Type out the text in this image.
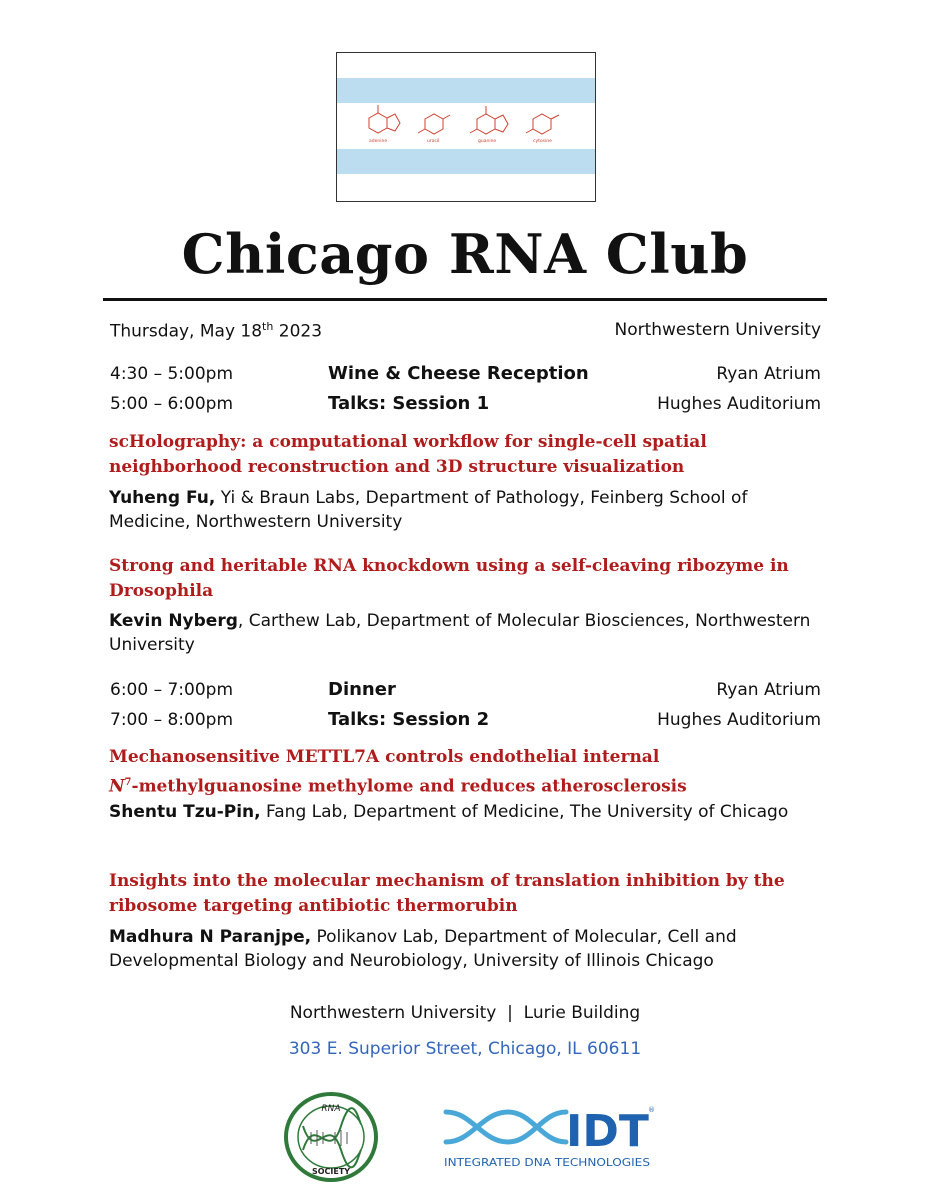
adenine	uracil	guanine	cytosine
Chicago RNA Club
Thursday, May 18th 2023	Northwestern University
4:30 – 5:00pm	Wine & Cheese Reception	Ryan Atrium
5:00 – 6:00pm	Talks: Session 1	Hughes Auditorium
scHolography: a computational workflow for single-cell spatial neighborhood reconstruction and 3D structure visualization
Yuheng Fu, Yi & Braun Labs, Department of Pathology, Feinberg School of Medicine, Northwestern University
Strong and heritable RNA knockdown using a self-cleaving ribozyme in Drosophila
Kevin Nyberg, Carthew Lab, Department of Molecular Biosciences, Northwestern University
6:00 – 7:00pm	Dinner	Ryan Atrium
7:00 – 8:00pm	Talks: Session 2	Hughes Auditorium
Mechanosensitive METTL7A controls endothelial internal
$N^7$-methylguanosine methylome and reduces atherosclerosis
Shentu Tzu-Pin, Fang Lab, Department of Medicine, The University of Chicago
Insights into the molecular mechanism of translation inhibition by the ribosome targeting antibiotic thermorubin
Madhura N Paranjpe, Polikanov Lab, Department of Molecular, Cell and Developmental Biology and Neurobiology, University of Illinois Chicago
Northwestern University  |  Lurie Building
303 E. Superior Street, Chicago, IL 60611
RNA
SOCIETY
IDT ®
INTEGRATED DNA TECHNOLOGIES
